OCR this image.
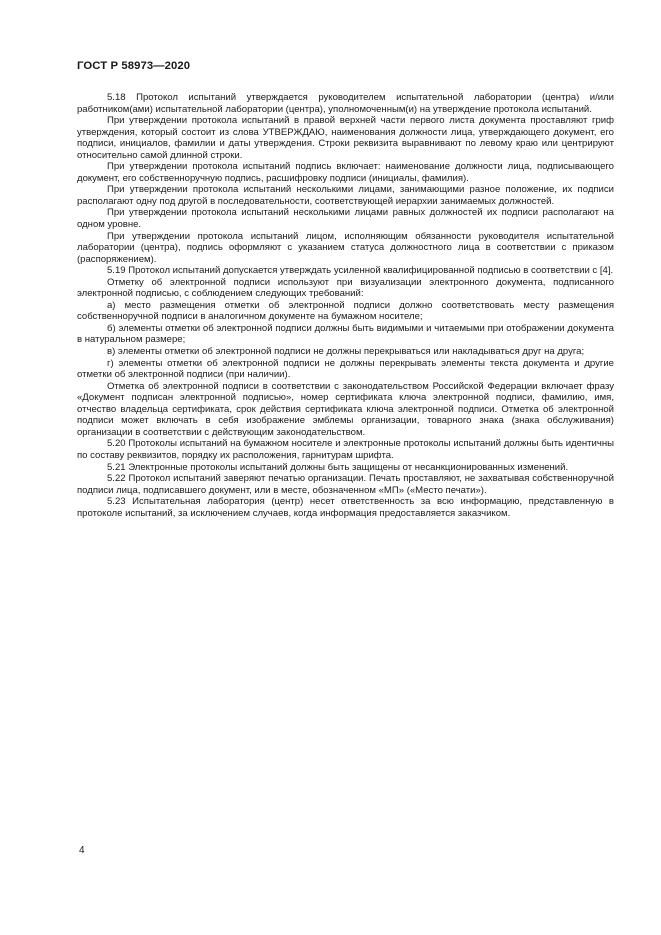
ГОСТ Р 58973—2020

5.18 Протокол испытаний утверждается руководителем испытательной лаборатории (центра) и/или работником(ами) испытательной лаборатории (центра), уполномоченным(и) на утверждение протокола испытаний.

При утверждении протокола испытаний в правой верхней части первого листа документа проставляют гриф утверждения, который состоит из слова УТВЕРЖДАЮ, наименования должности лица, утверждающего документ, его подписи, инициалов, фамилии и даты утверждения. Строки реквизита выравнивают по левому краю или центрируют относительно самой длинной строки.

При утверждении протокола испытаний подпись включает: наименование должности лица, подписывающего документ, его собственноручную подпись, расшифровку подписи (инициалы, фамилия).

При утверждении протокола испытаний несколькими лицами, занимающими разное положение, их подписи располагают одну под другой в последовательности, соответствующей иерархии занимаемых должностей.

При утверждении протокола испытаний несколькими лицами равных должностей их подписи располагают на одном уровне.

При утверждении протокола испытаний лицом, исполняющим обязанности руководителя испытательной лаборатории (центра), подпись оформляют с указанием статуса должностного лица в соответствии с приказом (распоряжением).

5.19 Протокол испытаний допускается утверждать усиленной квалифицированной подписью в соответствии с [4].

Отметку об электронной подписи используют при визуализации электронного документа, подписанного электронной подписью, с соблюдением следующих требований:

а) место размещения отметки об электронной подписи должно соответствовать месту размещения собственноручной подписи в аналогичном документе на бумажном носителе;

б) элементы отметки об электронной подписи должны быть видимыми и читаемыми при отображении документа в натуральном размере;

в) элементы отметки об электронной подписи не должны перекрываться или накладываться друг на друга;

г) элементы отметки об электронной подписи не должны перекрывать элементы текста документа и другие отметки об электронной подписи (при наличии).

Отметка об электронной подписи в соответствии с законодательством Российской Федерации включает фразу «Документ подписан электронной подписью», номер сертификата ключа электронной подписи, фамилию, имя, отчество владельца сертификата, срок действия сертификата ключа электронной подписи. Отметка об электронной подписи может включать в себя изображение эмблемы организации, товарного знака (знака обслуживания) организации в соответствии с действующим законодательством.

5.20 Протоколы испытаний на бумажном носителе и электронные протоколы испытаний должны быть идентичны по составу реквизитов, порядку их расположения, гарнитурам шрифта.

5.21 Электронные протоколы испытаний должны быть защищены от несанкционированных изменений.

5.22 Протокол испытаний заверяют печатью организации. Печать проставляют, не захватывая собственноручной подписи лица, подписавшего документ, или в месте, обозначенном «МП» («Место печати»).

5.23 Испытательная лаборатория (центр) несет ответственность за всю информацию, представленную в протоколе испытаний, за исключением случаев, когда информация предоставляется заказчиком.

4
